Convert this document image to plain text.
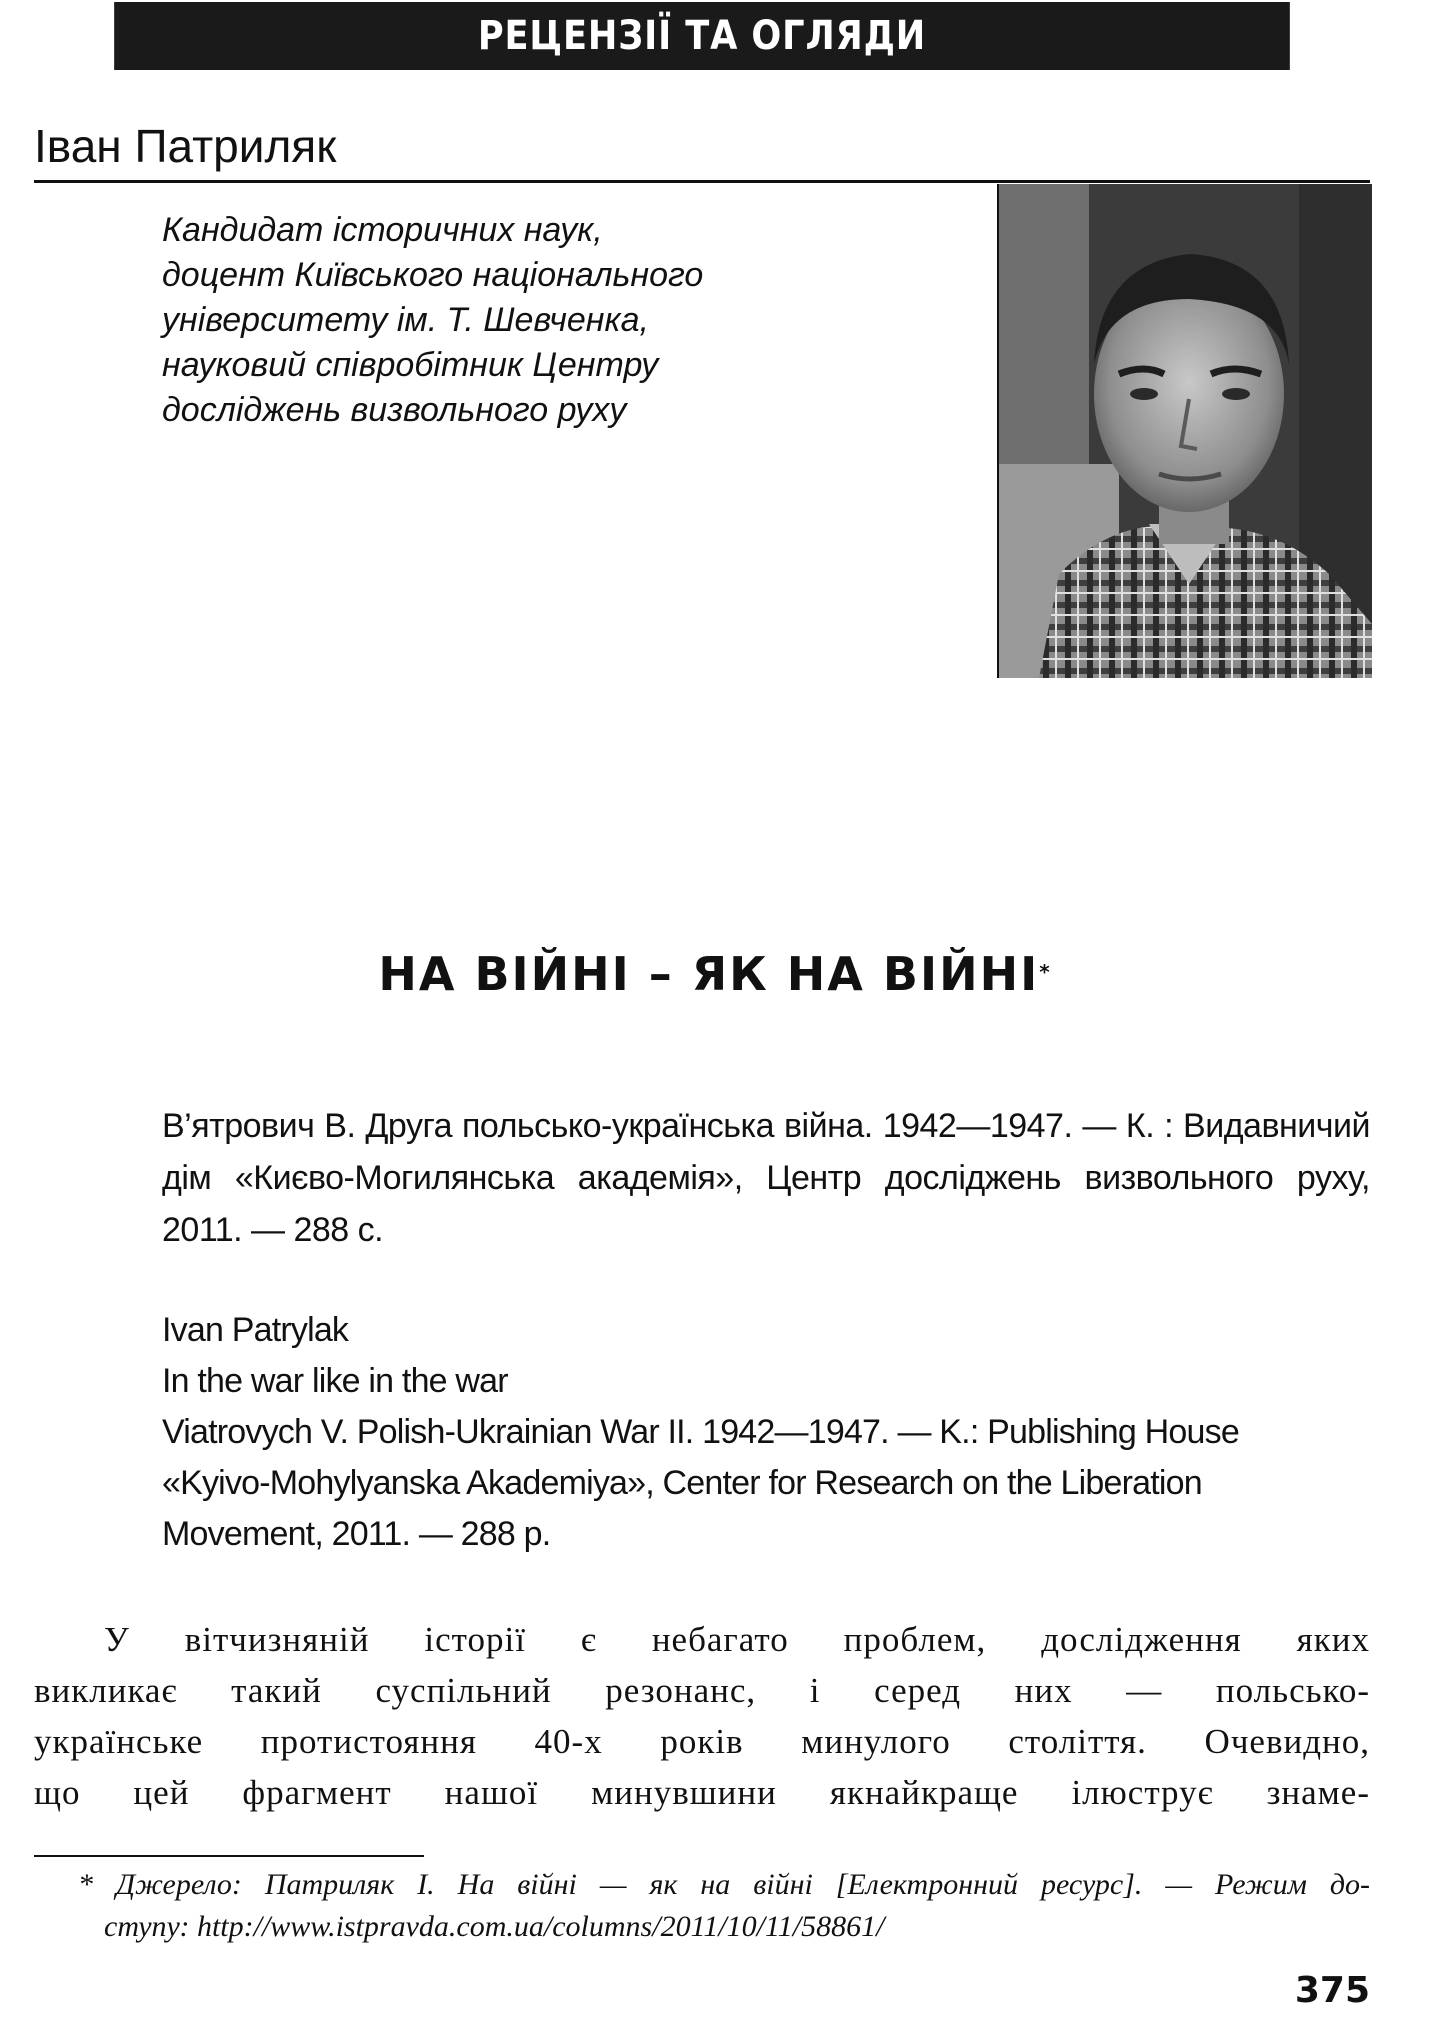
РЕЦЕНЗІЇ ТА ОГЛЯДИ
Іван Патриляк
Кандидат історичних наук,
доцент Київського національного
університету ім. Т. Шевченка,
науковий співробітник Центру
досліджень визвольного руху
НА ВІЙНІ – ЯК НА ВІЙНІ*
В’ятрович В. Друга польсько-українська війна. 1942—1947. — К. : Видавничий дім «Києво-Могилянська академія», Центр досліджень визвольного руху, 2011. — 288 с.
Ivan Patrylak
In the war like in the war
Viatrovych V. Polish-Ukrainian War II. 1942—1947. — K.: Publishing House
«Kyivo-Mohylyanska Akademiya», Center for Research on the Liberation
Movement, 2011. — 288 p.
У вітчизняній історії є небагато проблем, дослідження яких
викликає такий суспільний резонанс, і серед них — польсько-
українське протистояння 40-х років минулого століття. Очевидно,
що цей фрагмент нашої минувшини якнайкраще ілюструє знаме-
* Джерело: Патриляк І. На війні — як на війні [Електронний ресурс]. — Режим до-
ступу: http://www.istpravda.com.ua/columns/2011/10/11/58861/
375
